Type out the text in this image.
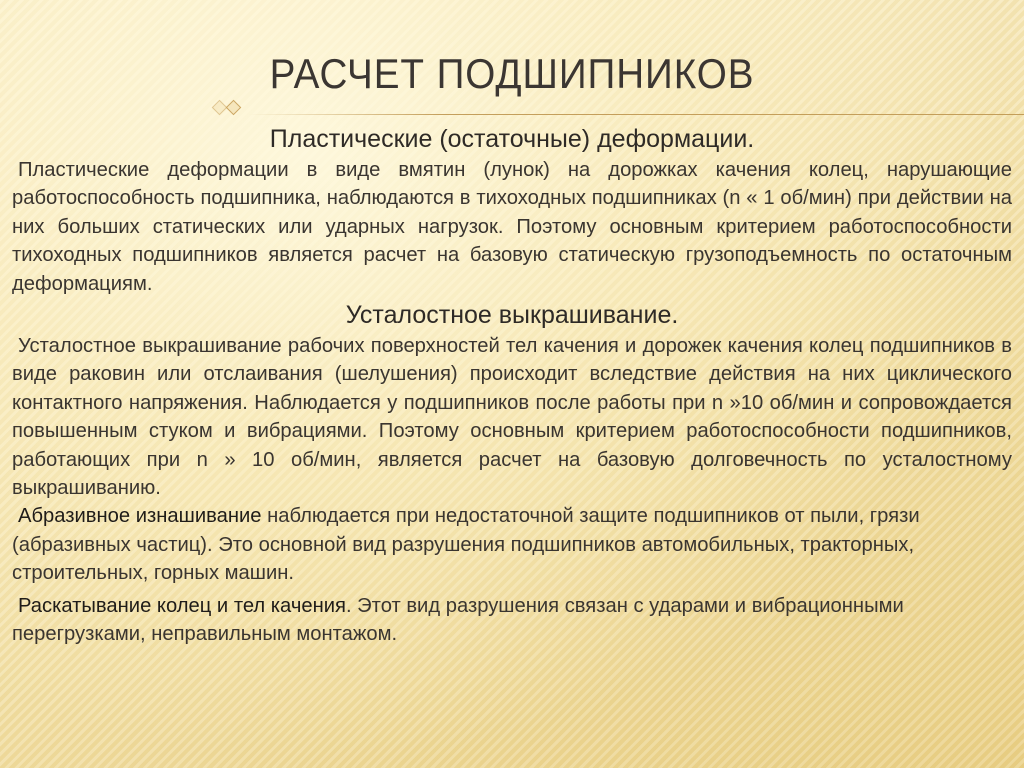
РАСЧЕТ ПОДШИПНИКОВ
Пластические (остаточные) деформации.

Пластические деформации в виде вмятин (лунок) на дорожках качения колец, нарушающие работоспособность подшипника, наблюдаются в тихоходных подшипниках (n « 1 об/мин) при действии на них больших статических или ударных нагрузок. Поэтому основным критерием работоспособности тихоходных подшипников является расчет на базовую статическую грузоподъемность по остаточным деформациям.

Усталостное выкрашивание.

Усталостное выкрашивание рабочих поверхностей тел качения и дорожек качения колец подшипников в виде раковин или отслаивания (шелушения) происходит вследствие действия на них циклического контактного напряжения. Наблюдается у подшипников после работы при n »10 об/мин и сопровождается повышенным стуком и вибрациями. Поэтому основным критерием работоспособности подшипников, работающих при n » 10 об/мин, является расчет на базовую долговечность по усталостному выкрашиванию.

Абразивное изнашивание наблюдается при недостаточной защите подшипников от пыли, грязи (абразивных частиц). Это основной вид разрушения подшипников автомобильных, тракторных, строительных, горных машин.

Раскатывание колец и тел качения. Этот вид разрушения связан с ударами и вибрационными перегрузками, неправильным монтажом.
